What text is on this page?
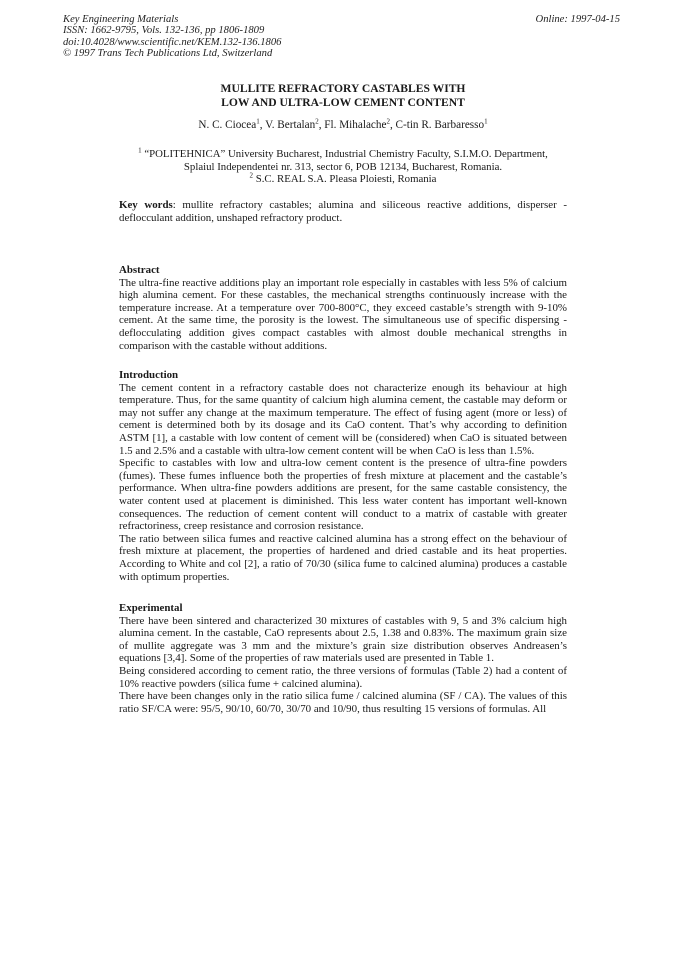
Key Engineering Materials
ISSN: 1662-9795, Vols. 132-136, pp 1806-1809
doi:10.4028/www.scientific.net/KEM.132-136.1806
© 1997 Trans Tech Publications Ltd, Switzerland
Online: 1997-04-15
MULLITE REFRACTORY CASTABLES WITH
LOW AND ULTRA-LOW CEMENT CONTENT
N. C. Ciocea$^1$, V. Bertalan$^2$, Fl. Mihalache$^2$, C-tin R. Barbaresso$^1$
$^1$ “POLITEHNICA” University Bucharest, Industrial Chemistry Faculty, S.I.M.O. Department,
Splaiul Independentei nr. 313, sector 6, POB 12134, Bucharest, Romania.
$^2$ S.C. REAL S.A. Pleasa Ploiesti, Romania
Key words: mullite refractory castables; alumina and siliceous reactive additions, disperser - deflocculant addition, unshaped refractory product.

Abstract

The ultra-fine reactive additions play an important role especially in castables with less 5% of calcium high alumina cement. For these castables, the mechanical strengths continuously increase with the temperature increase. At a temperature over 700-800°C, they exceed castable’s strength with 9-10% cement. At the same time, the porosity is the lowest. The simultaneous use of specific dispersing - deflocculating addition gives compact castables with almost double mechanical strengths in comparison with the castable without additions.

Introduction

The cement content in a refractory castable does not characterize enough its behaviour at high temperature. Thus, for the same quantity of calcium high alumina cement, the castable may deform or may not suffer any change at the maximum temperature. The effect of fusing agent (more or less) of cement is determined both by its dosage and its CaO content. That’s why according to definition ASTM [1], a castable with low content of cement will be (considered) when CaO is situated between 1.5 and 2.5% and a castable with ultra-low cement content will be when CaO is less than 1.5%.

Specific to castables with low and ultra-low cement content is the presence of ultra-fine powders (fumes). These fumes influence both the properties of fresh mixture at placement and the castable’s performance. When ultra-fine powders additions are present, for the same castable consistency, the water content used at placement is diminished. This less water content has important well-known consequences. The reduction of cement content will conduct to a matrix of castable with greater refractoriness, creep resistance and corrosion resistance.

The ratio between silica fumes and reactive calcined alumina has a strong effect on the behaviour of fresh mixture at placement, the properties of hardened and dried castable and its heat properties. According to White and col [2], a ratio of 70/30 (silica fume to calcined alumina) produces a castable with optimum properties.

Experimental

There have been sintered and characterized 30 mixtures of castables with 9, 5 and 3% calcium high alumina cement. In the castable, CaO represents about 2.5, 1.38 and 0.83%. The maximum grain size of mullite aggregate was 3 mm and the mixture’s grain size distribution observes Andreasen’s equations [3,4]. Some of the properties of raw materials used are presented in Table 1.

Being considered according to cement ratio, the three versions of formulas (Table 2) had a content of 10% reactive powders (silica fume + calcined alumina).

There have been changes only in the ratio silica fume / calcined alumina (SF / CA). The values of this ratio SF/CA were: 95/5, 90/10, 60/70, 30/70 and 10/90, thus resulting 15 versions of formulas. All
